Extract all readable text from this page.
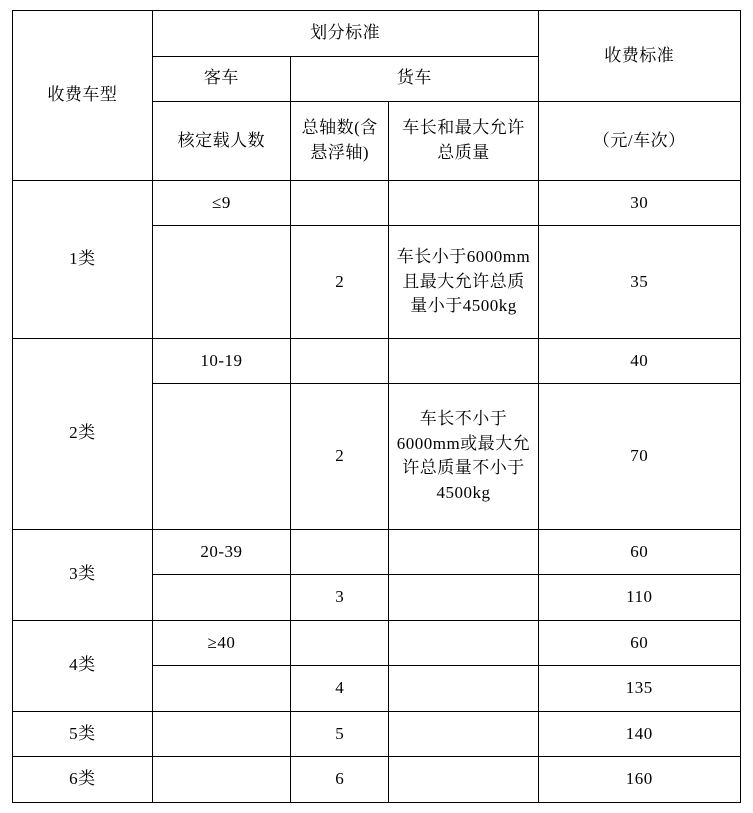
收费车型	划分标准			收费标准

	客车	货车		

	核定载人数	总轴数(含悬浮轴)	车长和最大允许总质量	（元/车次）

1类	≤9			30

		2	车长小于6000mm且最大允许总质量小于4500kg	35

2类	10-19			40

		2	车长不小于6000mm或最大允许总质量不小于4500kg	70

3类	20-39			60

		3		110

4类	≥40			60

		4		135

5类		5		140

6类		6		160
